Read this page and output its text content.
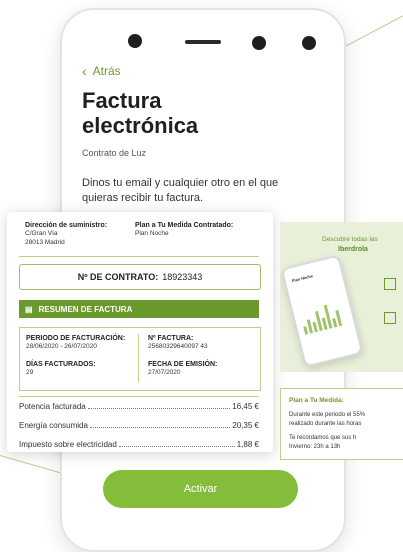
‹ Atrás
Factura electrónica
Contrato de Luz
Dinos tu email y cualquier otro en el que quieras recibir tu factura.
Dirección de suministro:
C/Gran Vía
28013 Madrid
Plan a Tu Medida Contratado:
Plan Noche
Nº DE CONTRATO: 18923343
▤ RESUMEN DE FACTURA
PERIODO DE FACTURACIÓN:
28/06/2020 - 26/07/2020
Nº FACTURA:
25680329640097 43
DÍAS FACTURADOS:
29
FECHA DE EMISIÓN:
27/07/2020
Potencia facturada	16,45 €
Energía consumida	20,35 €
Impuesto sobre electricidad	1,88 €
Descubre todas las
Iberdrola
Plan Noche
Plan a Tu Medida:
Durante este periodo el 55%
realizado durante las horas
Te recordamos que sus h
Invierno: 23h a 13h
Activar
